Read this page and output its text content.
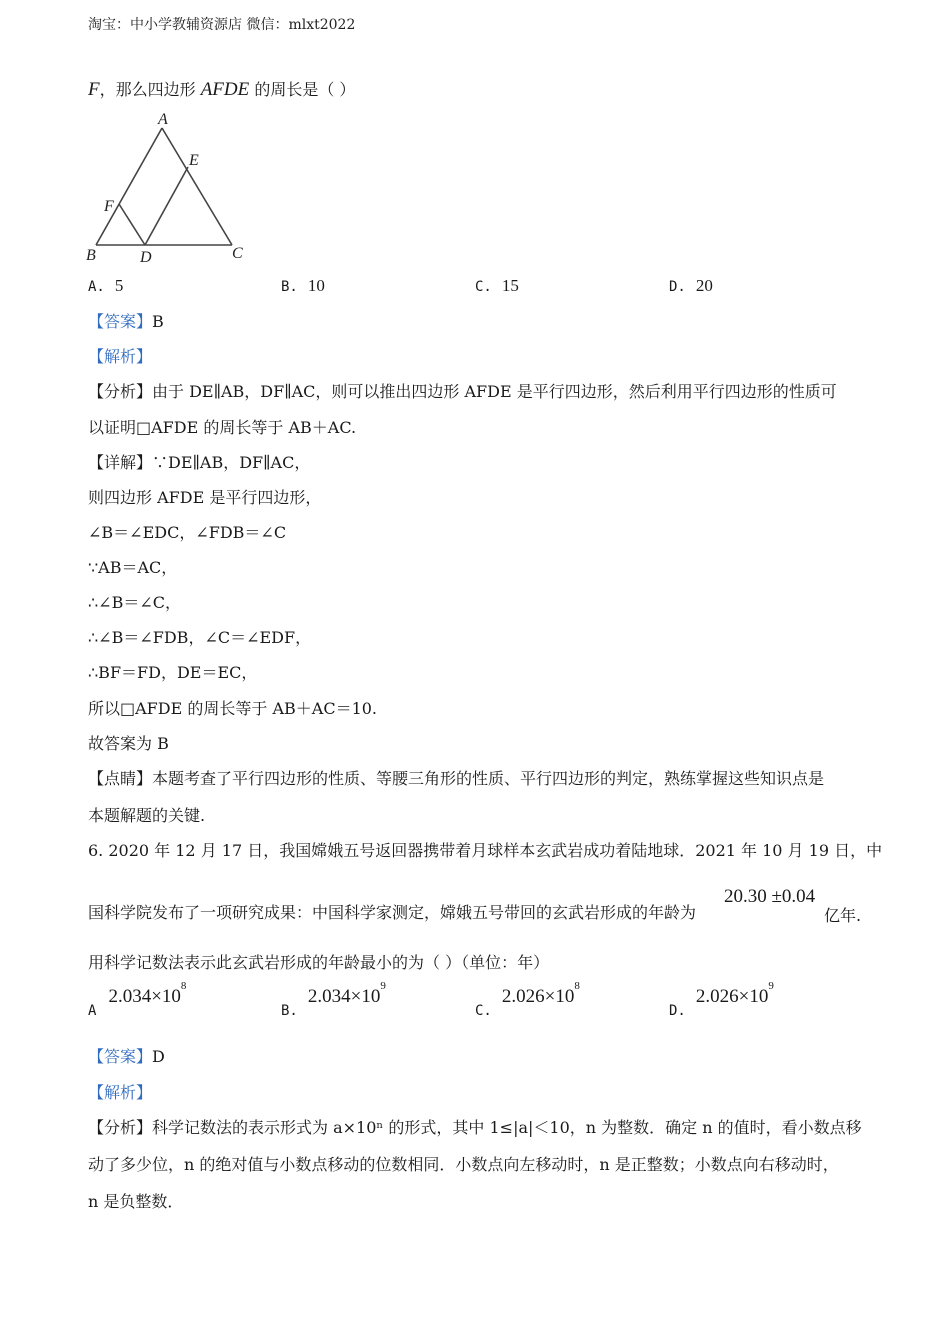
淘宝：中小学教辅资源店 微信：mlxt2022
F，那么四边形 AFDE 的周长是（ ）
A
E
F
B	D	C
A. 5	B. 10	C. 15	D. 20
【答案】B
【解析】
【分析】由于 DE∥AB，DF∥AC，则可以推出四边形 AFDE 是平行四边形，然后利用平行四边形的性质可
以证明□AFDE 的周长等于 AB＋AC.
【详解】∵DE∥AB，DF∥AC，
则四边形 AFDE 是平行四边形，
∠B＝∠EDC，∠FDB＝∠C
∵AB＝AC，
∴∠B＝∠C，
∴∠B＝∠FDB，∠C＝∠EDF，
∴BF＝FD，DE＝EC，
所以□AFDE 的周长等于 AB＋AC＝10.
故答案为 B
【点睛】本题考查了平行四边形的性质、等腰三角形的性质、平行四边形的判定，熟练掌握这些知识点是
本题解题的关键.
6. 2020 年 12 月 17 日，我国嫦娥五号返回器携带着月球样本玄武岩成功着陆地球．2021 年 10 月 19 日，中
国科学院发布了一项研究成果：中国科学家测定，嫦娥五号带回的玄武岩形成的年龄为
20.30 ±0.04
亿年.
用科学记数法表示此玄武岩形成的年龄最小的为（ ）（单位：年）
$A2.034\times 10^8$
$B.2.034\times 10^9$
$C.2.026\times 10^8$
$D.2.026\times 10^9$
【答案】D
【解析】
【分析】科学记数法的表示形式为 a×10ⁿ 的形式，其中 1≤|a|＜10，n 为整数．确定 n 的值时，看小数点移
动了多少位，n 的绝对值与小数点移动的位数相同．小数点向左移动时，n 是正整数；小数点向右移动时，
n 是负整数．
